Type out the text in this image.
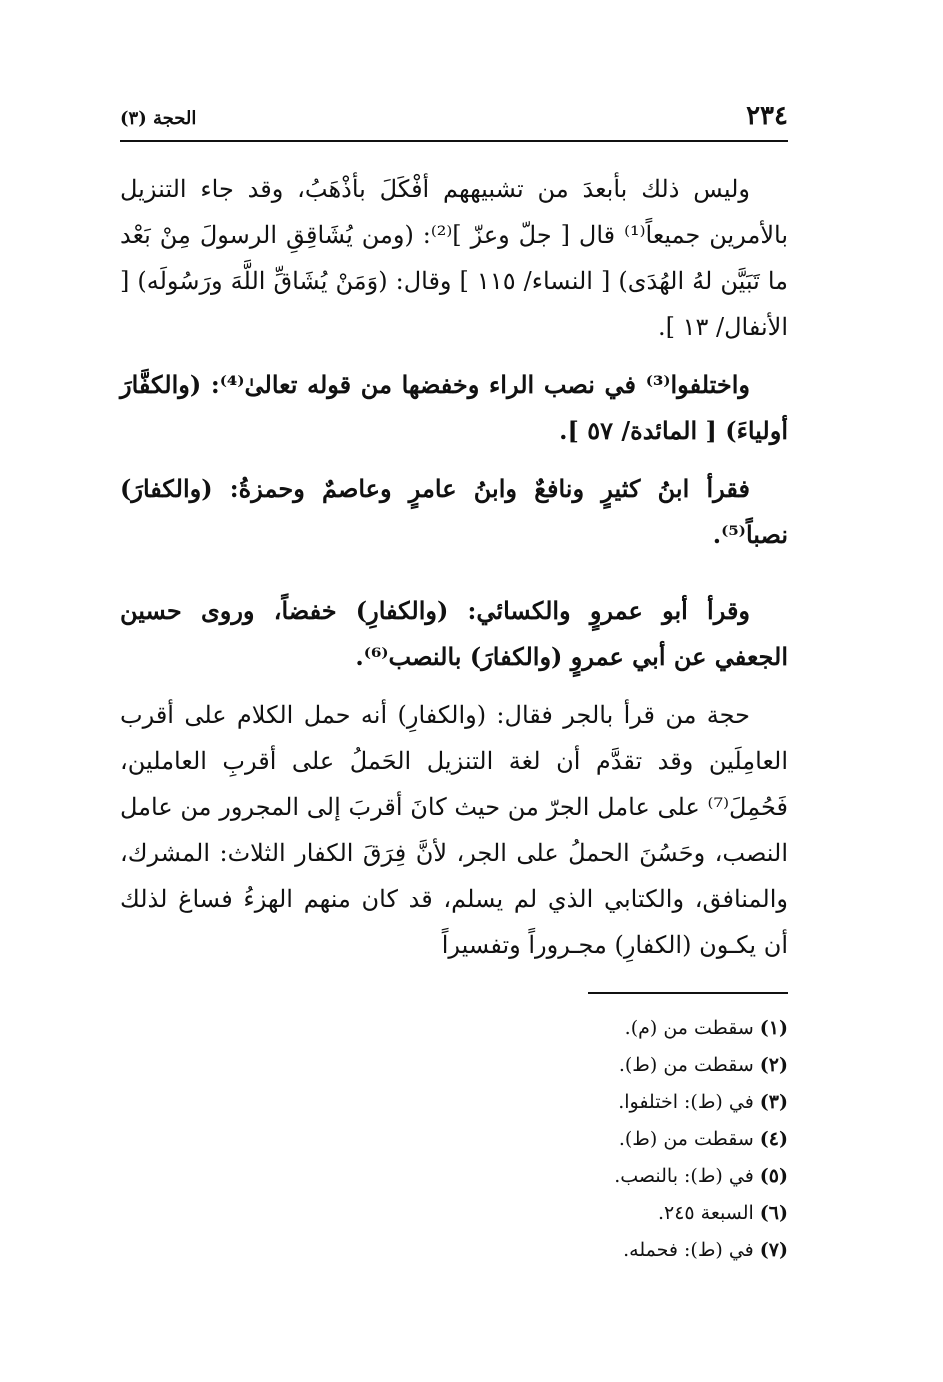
٢٣٤
الحجة (٣)

وليس ذلك بأبعدَ من تشبيههم أفْكَلَ بأذْهَبُ، وقد جاء التنزيل بالأمرين جميعاً⁽¹⁾ قال [ جلّ وعزّ ]⁽²⁾: (ومن يُشَاقِقِ الرسولَ مِنْ بَعْد ما تَبَيَّن لهُ الهُدَى) [ النساء/ ١١٥ ] وقال: (وَمَنْ يُشَاقِّ اللَّهَ ورَسُولَه) [ الأنفال/ ١٣ ].

واختلفوا⁽³⁾ في نصب الراء وخفضها من قوله تعالىٰ⁽⁴⁾: (والكفَّارَ أولياءَ) [ المائدة/ ٥٧ ].

فقرأ ابنُ كثيرٍ ونافعٌ وابنُ عامرٍ وعاصمٌ وحمزةُ: (والكفارَ) نصباً⁽⁵⁾.

وقرأ أبو عمروٍ والكسائي: (والكفارِ) خفضاً، وروى حسين الجعفي عن أبي عمروٍ (والكفارَ) بالنصب⁽⁶⁾.

حجة من قرأ بالجر فقال: (والكفارِ) أنه حمل الكلام على أقرب العامِلَين وقد تقدَّم أن لغة التنزيل الحَملُ على أقربِ العاملين، فَحُمِلَ⁽⁷⁾ على عامل الجرّ من حيث كانَ أقربَ إلى المجرور من عامل النصب، وحَسُنَ الحملُ على الجر، لأنَّ فِرَقَ الكفار الثلاث: المشرك، والمنافق، والكتابي الذي لم يسلم، قد كان منهم الهزءُ فساغ لذلك أن يكـون (الكفارِ) مجـروراً وتفسيراً

(١)سقطت من (م).
(٢)سقطت من (ط).
(٣)في (ط): اختلفوا.
(٤)سقطت من (ط).
(٥)في (ط): بالنصب.
(٦)السبعة ٢٤٥.
(٧)في (ط): فحمله.
